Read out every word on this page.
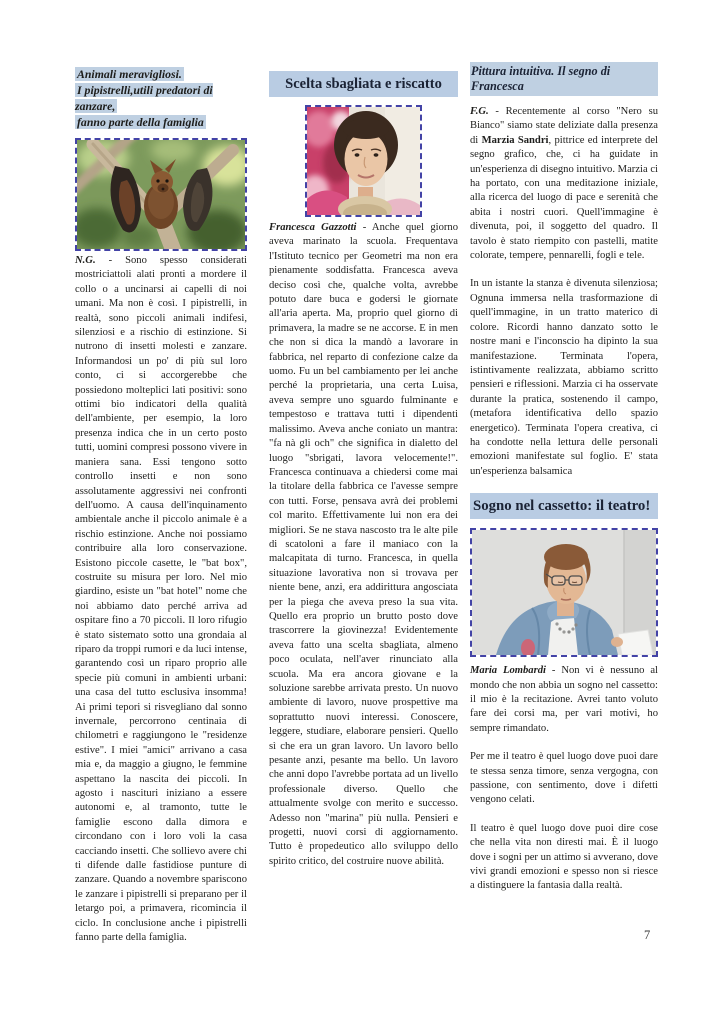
Animali meravigliosi.
I pipistrelli,utili predatori di zanzare,
fanno parte della famiglia

N.G. - Sono spesso considerati mostriciattoli alati pronti a mordere il collo o a uncinarsi ai capelli di noi umani. Ma non è così. I pipistrelli, in realtà, sono piccoli animali indifesi, silenziosi e a rischio di estinzione. Si nutrono di insetti molesti e zanzare. Informandosi un po' di più sul loro conto, ci si accorgerebbe che possiedono molteplici lati positivi: sono ottimi bio indicatori della qualità dell'ambiente, per esempio, la loro presenza indica che in un certo posto tutti, uomini compresi possono vivere in maniera sana. Essi tengono sotto controllo insetti e non sono assolutamente aggressivi nei confronti dell'uomo. A causa dell'inquinamento ambientale anche il piccolo animale è a rischio estinzione. Anche noi possiamo contribuire alla loro conservazione. Esistono piccole casette, le "bat box", costruite su misura per loro. Nel mio giardino, esiste un "bat hotel" nome che noi abbiamo dato perché arriva ad ospitare fino a 70 piccoli. Il loro rifugio è stato sistemato sotto una grondaia al riparo da troppi rumori e da luci intense, garantendo così un riparo proprio alle specie più comuni in ambienti urbani: una casa del tutto esclusiva insomma! Ai primi tepori si risvegliano dal sonno invernale, percorrono centinaia di chilometri e raggiungono le "residenze estive". I miei "amici" arrivano a casa mia e, da maggio a giugno, le femmine aspettano la nascita dei piccoli. In agosto i nascituri iniziano a essere autonomi e, al tramonto, tutte le famiglie escono dalla dimora e circondano con i loro voli la casa cacciando insetti. Che sollievo avere chi ti difende dalle fastidiose punture di zanzare. Quando a novembre spariscono le zanzare i pipistrelli si preparano per il letargo poi, a primavera, ricomincia il ciclo. In conclusione anche i pipistrelli fanno parte della famiglia.

Scelta sbagliata e riscatto

Francesca Gazzotti - Anche quel giorno aveva marinato la scuola. Frequentava l'Istituto tecnico per Geometri ma non era pienamente soddisfatta. Francesca aveva deciso così che, qualche volta, avrebbe potuto dare buca e godersi le giornate all'aria aperta. Ma, proprio quel giorno di primavera, la madre se ne accorse. E in men che non si dica la mandò a lavorare in fabbrica, nel reparto di confezione calze da uomo. Fu un bel cambiamento per lei anche perché la proprietaria, una certa Luisa, aveva sempre uno sguardo fulminante e tempestoso e trattava tutti i dipendenti malissimo. Aveva anche coniato un mantra: "fa nà gli och" che significa in dialetto del luogo "sbrigati, lavora velocemente!". Francesca continuava a chiedersi come mai la titolare della fabbrica ce l'avesse sempre con tutti. Forse, pensava avrà dei problemi col marito. Effettivamente lui non era dei migliori. Se ne stava nascosto tra le alte pile di scatoloni a fare il maniaco con la malcapitata di turno. Francesca, in quella situazione lavorativa non si trovava per niente bene, anzi, era addirittura angosciata per la piega che aveva preso la sua vita. Quello era proprio un brutto posto dove trascorrere la giovinezza! Evidentemente aveva fatto una scelta sbagliata, almeno poco oculata, nell'aver rinunciato alla scuola. Ma era ancora giovane e la soluzione sarebbe arrivata presto. Un nuovo ambiente di lavoro, nuove prospettive ma soprattutto nuovi interessi. Conoscere, leggere, studiare, elaborare pensieri. Quello sì che era un gran lavoro. Un lavoro bello pesante anzi, pesante ma bello. Un lavoro che anni dopo l'avrebbe portata ad un livello professionale diverso. Quello che attualmente svolge con merito e successo. Adesso non "marina" più nulla. Pensieri e progetti, nuovi corsi di aggiornamento. Tutto è propedeutico allo sviluppo dello spirito critico, del costruire nuove abilità.

Pittura intuitiva. Il segno di Francesca

F.G. - Recentemente al corso "Nero su Bianco" siamo state deliziate dalla presenza di Marzia Sandri, pittrice ed interprete del segno grafico, che, ci ha guidate in un'esperienza di disegno intuitivo. Marzia ci ha portato, con una meditazione iniziale, alla ricerca del luogo di pace e serenità che abita i nostri cuori. Quell'immagine è divenuta, poi, il soggetto del quadro. Il tavolo è stato riempito con pastelli, matite colorate, tempere, pennarelli, fogli e tele.

In un istante la stanza è divenuta silenziosa; Ognuna immersa nella trasformazione di quell'immagine, in un tratto materico di colore. Ricordi hanno danzato sotto le nostre mani e l'inconscio ha dipinto la sua manifestazione. Terminata l'opera, istintivamente realizzata, abbiamo scritto pensieri e riflessioni. Marzia ci ha osservate durante la pratica, sostenendo il campo, (metafora identificativa dello spazio energetico). Terminata l'opera creativa, ci ha condotte nella lettura delle personali emozioni manifestate sul foglio. E' stata un'esperienza balsamica

Sogno nel cassetto: il teatro!

Maria Lombardi - Non vi è nessuno al mondo che non abbia un sogno nel cassetto: il mio è la recitazione. Avrei tanto voluto fare dei corsi ma, per vari motivi, ho sempre rimandato.

Per me il teatro è quel luogo dove puoi dare te stessa senza timore, senza vergogna, con passione, con sentimento, dove i difetti vengono celati.

Il teatro è quel luogo dove puoi dire cose che nella vita non diresti mai. È il luogo dove i sogni per un attimo si avverano, dove vivi grandi emozioni e spesso non si riesce a distinguere la fantasia dalla realtà.

7
